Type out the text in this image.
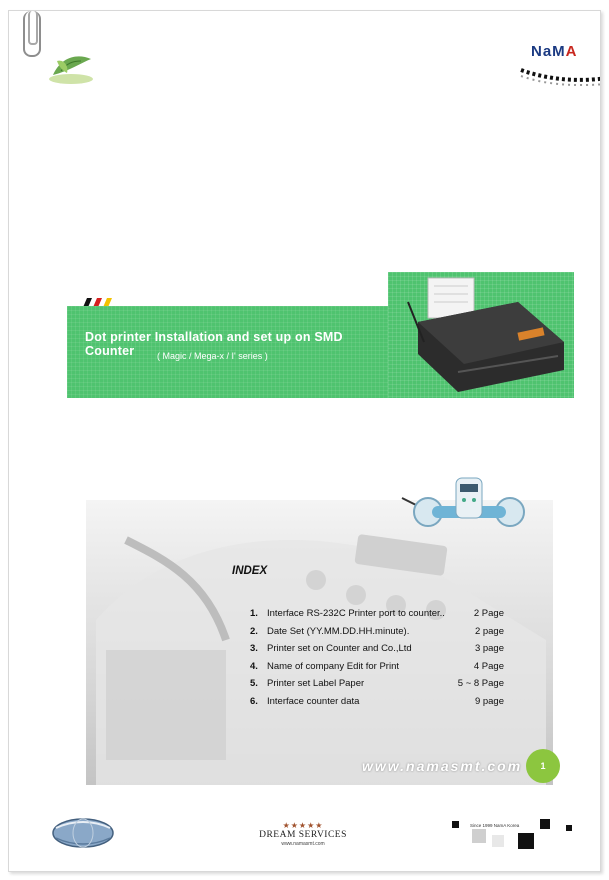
NaMA
Dot printer Installation and set up on SMD Counter	( Magic / Mega-x / I' series )
INDEX
1. Interface RS-232C Printer port to counter..	2 Page
2. Date Set (YY.MM.DD.HH.minute).	2 page
3. Printer set on Counter and Co.,Ltd	3 page
4. Name of company Edit for Print	4 Page
5. Printer set Label Paper	5 ~ 8 Page
6. Interface counter data	9 page
www.namasmt.com	1
★★★★★
DREAM SERVICES
www.namasmt.com
Since 1999 NamA Korea
